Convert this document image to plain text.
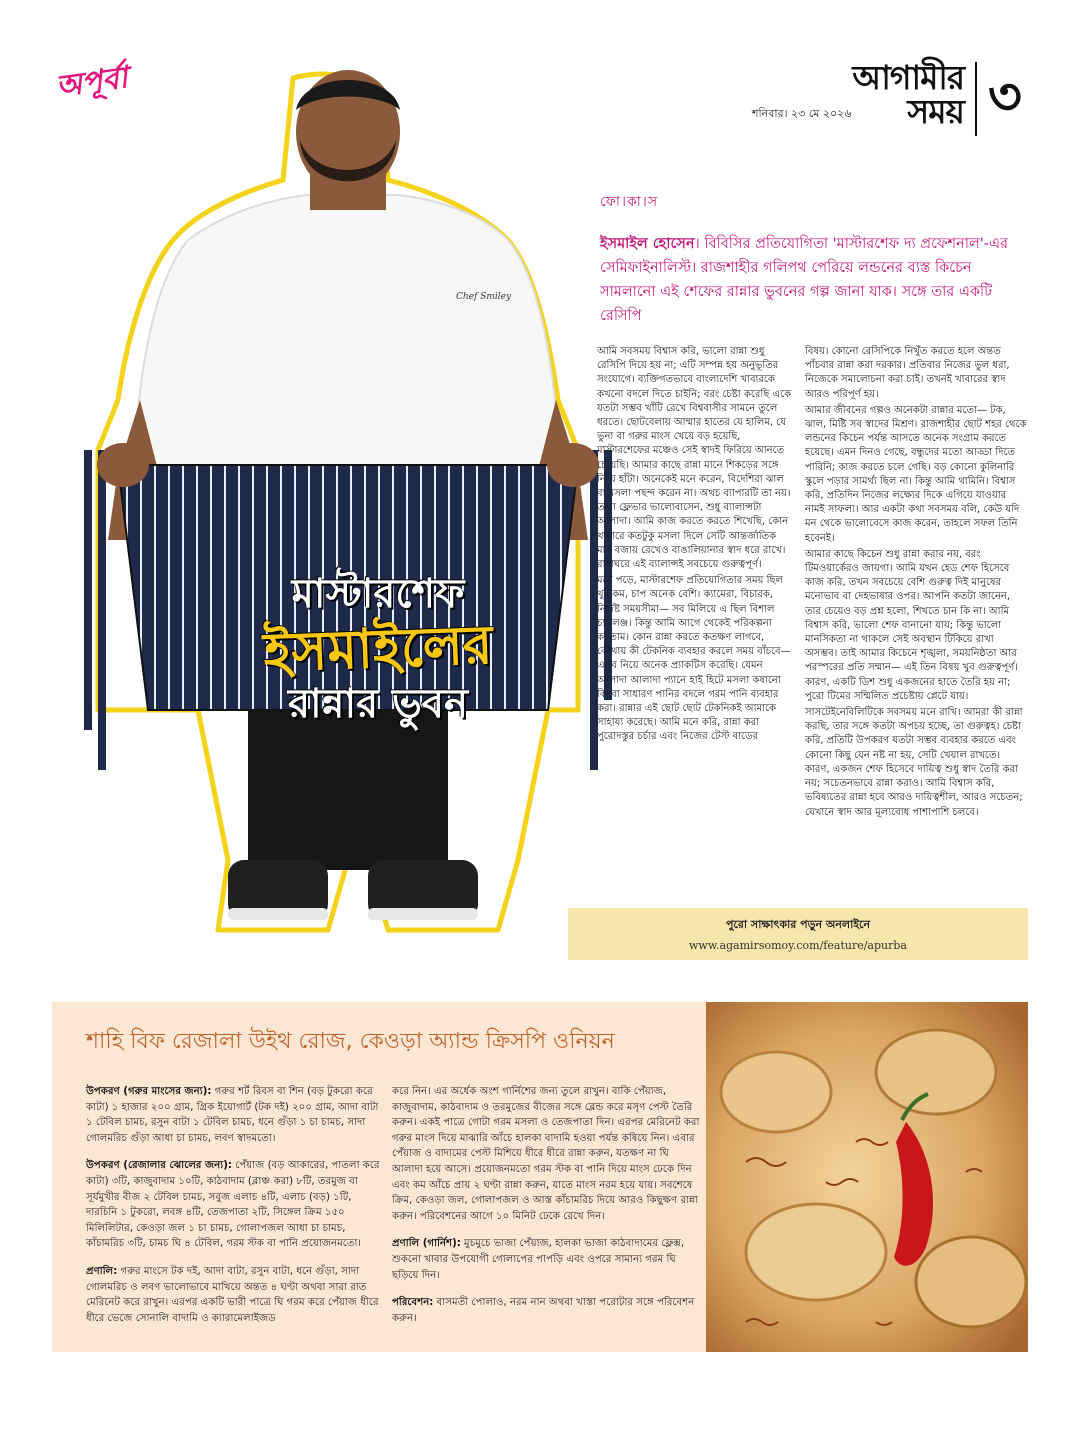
অপূর্বা	আগামীর
সময়
শনিবার। ২৩ মে ২০২৬	৩
Chef Smiley
মাস্টারশেফ
ইসমাইলের
রান্নার ভুবন
ফো।কা।স
ইসমাইল হোসেন। বিবিসির প্রতিযোগিতা 'মাস্টারশেফ দ্য প্রফেশনাল'-এর সেমিফাইনালিস্ট। রাজশাহীর গলিপথ পেরিয়ে লন্ডনের ব্যস্ত কিচেন সামলানো এই শেফের রান্নার ভুবনের গল্প জানা যাক। সঙ্গে তার একটি রেসিপি

আমি সবসময় বিশ্বাস করি, ভালো রান্না শুধু রেসিপি দিয়ে হয় না; এটি সম্পন্ন হয় অনুভূতির সংযোগে। ব্যক্তিগতভাবে বাংলাদেশি খাবারকে কখনো বদলে দিতে চাইনি; বরং চেষ্টা করেছি একে যতটা সম্ভব খাঁটি রেখে বিশ্ববাসীর সামনে তুলে ধরতে। ছোটবেলায় আম্মার হাতের যে হালিম, যে ভুনা বা গরুর মাংস খেয়ে বড় হয়েছি, মাস্টারশেফের মঞ্চেও সেই স্বাদই ফিরিয়ে আনতে চেয়েছি। আমার কাছে রান্না মানে শিকড়ের সঙ্গে নিয়ে হাঁটা। অনেকেই মনে করেন, বিদেশিরা ঝাল বা মসলা পছন্দ করেন না। অথচ ব্যাপারটি তা নয়। তারা ফ্লেভার ভালোবাসেন, শুধু ব্যালান্সটা আলাদা। আমি কাজ করতে করতে শিখেছি, কোন খাবারে কতটুকু মসলা দিলে সেটি আন্তর্জাতিক মান বজায় রেখেও বাঙালিয়ানার স্বাদ ধরে রাখে। রান্নাঘরে এই ব্যালান্সই সবচেয়ে গুরুত্বপূর্ণ।

মনে পড়ে, মাস্টারশেফ প্রতিযোগিতার সময় ছিল খুব কম, চাপ অনেক বেশি। ক্যামেরা, বিচারক, নির্দিষ্ট সময়সীমা— সব মিলিয়ে এ ছিল বিশাল চ্যালেঞ্জ। কিন্তু আমি আগে থেকেই পরিকল্পনা করতাম। কোন রান্না করতে কতক্ষণ লাগবে, কোথায় কী টেকনিক ব্যবহার করলে সময় বাঁচবে— এসব নিয়ে অনেক প্র্যাকটিস করেছি। যেমন আলাদা আলাদা প্যানে হাই হিটে মসলা কষানো কিংবা সাধারণ পানির বদলে গরম পানি ব্যবহার করা। রান্নার এই ছোট ছোট টেকনিকই আমাকে সাহায্য করেছে। আমি মনে করি, রান্না করা পুরোদস্তুর চর্চার এবং নিজের টেস্ট বাডের

বিষয়। কোনো রেসিপিকে নিখুঁত করতে হলে অন্তত পাঁচবার রান্না করা দরকার। প্রতিবার নিজের ভুল ধরা, নিজেকে সমালোচনা করা চাই। তখনই খাবারের স্বাদ আরও পরিপূর্ণ হয়।

আমার জীবনের গল্পও অনেকটা রান্নার মতো— টক, ঝাল, মিষ্টি সব স্বাদের মিশ্রণ। রাজশাহীর ছোট শহর থেকে লন্ডনের কিচেন পর্যন্ত আসতে অনেক সংগ্রাম করতে হয়েছে। এমন দিনও গেছে, বন্ধুদের মতো আড্ডা দিতে পারিনি; কাজ করতে চলে গেছি। বড় কোনো কুলিনারি স্কুলে পড়ার সামর্থ্য ছিল না। কিন্তু আমি থামিনি। বিশ্বাস করি, প্রতিদিন নিজের লক্ষ্যের দিকে এগিয়ে যাওয়ার নামই সাফল্য। আর একটা কথা সবসময় বলি, কেউ যদি মন থেকে ভালোবেসে কাজ করেন, তাহলে সফল তিনি হবেনই।

আমার কাছে কিচেন শুধু রান্না করার নয়, বরং টিমওয়ার্কেরও জায়গা। আমি যখন হেড শেফ হিসেবে কাজ করি, তখন সবচেয়ে বেশি গুরুত্ব দিই মানুষের মনোভাব বা দেহভাষার ওপর। আপনি কতটা জানেন, তার চেয়েও বড় প্রশ্ন হলো, শিখতে চান কি না। আমি বিশ্বাস করি, ভালো শেফ বানানো যায়; কিন্তু ভালো মানসিকতা না থাকলে সেই অবস্থান টিকিয়ে রাখা অসম্ভব। তাই আমার কিচেনে শৃঙ্খলা, সময়নিষ্ঠতা আর পরস্পরের প্রতি সম্মান— এই তিন বিষয় খুব গুরুত্বপূর্ণ। কারণ, একটি ডিশ শুধু একজনের হাতে তৈরি হয় না; পুরো টিমের সম্মিলিত প্রচেষ্টায় প্লেটে যায়।

সাসটেইনেবিলিটিকে সবসময় মনে রাখি। আমরা কী রান্না করছি, তার সঙ্গে কতটা অপচয় হচ্ছে, তা গুরুত্বহ। চেষ্টা করি, প্রতিটি উপকরণ যতটা সম্ভব ব্যবহার করতে এবং কোনো কিছু যেন নষ্ট না হয়, সেটি খেয়াল রাখতে। কারণ, একজন শেফ হিসেবে দায়িত্ব শুধু স্বাদ তৈরি করা নয়; সচেতনভাবে রান্না করাও। আমি বিশ্বাস করি, ভবিষ্যতের রান্না হবে আরও দায়িত্বশীল, আরও সচেতন; যেখানে স্বাদ আর মূল্যবোধ পাশাপাশি চলবে।

পুরো সাক্ষাৎকার পড়ুন অনলাইনে
www.agamirsomoy.com/feature/apurba
শাহি বিফ রেজালা উইথ রোজ, কেওড়া অ্যান্ড ক্রিসপি ওনিয়ন

উপকরণ (গরুর মাংসের জন্য): গরুর শর্ট রিবস বা শিন (বড় টুকরো করে কাটা) ১ হাজার ২০০ গ্রাম, গ্রিক ইয়োগার্ট (টক দই) ২০০ গ্রাম, আদা বাটা ১ টেবিল চামচ, রসুন বাটা ১ টেবিল চামচ, ধনে গুঁড়া ১ চা চামচ, সাদা গোলমরিচ গুঁড়া আধা চা চামচ, লবণ স্বাদমতো।

উপকরণ (রেজালার ঝোলের জন্য): পেঁয়াজ (বড় আকারের, পাতলা করে কাটা) ৩টি, কাজুবাদাম ১০টি, কাঠবাদাম (ব্লাঞ্চ করা) ৮টি, তরমুজ বা সূর্যমুখীর বীজ ২ টেবিল চামচ, সবুজ এলাচ ৪টি, এলাচ (বড়) ১টি, দারচিনি ১ টুকরো, লবঙ্গ ৪টি, তেজপাতা ২টি, সিঙ্গেল ক্রিম ১৫০ মিলিলিটার, কেওড়া জল ১ চা চামচ, গোলাপজল আধা চা চামচ, কাঁচামরিচ ৩টি, চামচ ঘি ৪ টেবিল, গরম স্টক বা পানি প্রয়োজনমতো।

প্রণালি: গরুর মাংসে টক দই, আদা বাটা, রসুন বাটা, ধনে গুঁড়া, সাদা গোলমরিচ ও লবণ ভালোভাবে মাখিয়ে অন্তত ৪ ঘণ্টা অথবা সারা রাত মেরিনেট করে রাখুন। এরপর একটি ভারী পাত্রে ঘি গরম করে পেঁয়াজ ধীরে ধীরে ভেজে সোনালি বাদামি ও ক্যারামেলাইজড

করে নিন। এর অর্ধেক অংশ গার্নিশের জন্য তুলে রাখুন। বাকি পেঁয়াজ, কাজুবাদাম, কাঠবাদাম ও তরমুজের বীজের সঙ্গে ব্লেন্ড করে মসৃণ পেস্ট তৈরি করুন। একই পাত্রে গোটা গরম মসলা ও তেজপাতা দিন। এরপর মেরিনেট করা গরুর মাংস দিয়ে মাঝারি আঁচে হালকা বাদামি হওয়া পর্যন্ত কষিয়ে নিন। এবার পেঁয়াজ ও বাদামের পেস্ট মিশিয়ে ধীরে ধীরে রান্না করুন, যতক্ষণ না ঘি আলাদা হয়ে আসে। প্রয়োজনমতো গরম স্টক বা পানি দিয়ে মাংস ঢেকে দিন এবং কম আঁচে প্রায় ২ ঘণ্টা রান্না করুন, যাতে মাংস নরম হয়ে যায়। সবশেষে ক্রিম, কেওড়া জল, গোলাপজল ও আস্ত কাঁচামরিচ দিয়ে আরও কিছুক্ষণ রান্না করুন। পরিবেশনের আগে ১০ মিনিট ঢেকে রেখে দিন।

প্রণালি (গার্নিশ): মুচমুচে ভাজা পেঁয়াজ, হালকা ভাজা কাঠবাদামের ফ্লেক্স, শুকনো খাবার উপযোগী গোলাপের পাপড়ি এবং ওপরে সামান্য গরম ঘি ছড়িয়ে দিন।

পরিবেশন: বাসমতী পোলাও, নরম নান অথবা খাস্তা পরোটার সঙ্গে পরিবেশন করুন।
